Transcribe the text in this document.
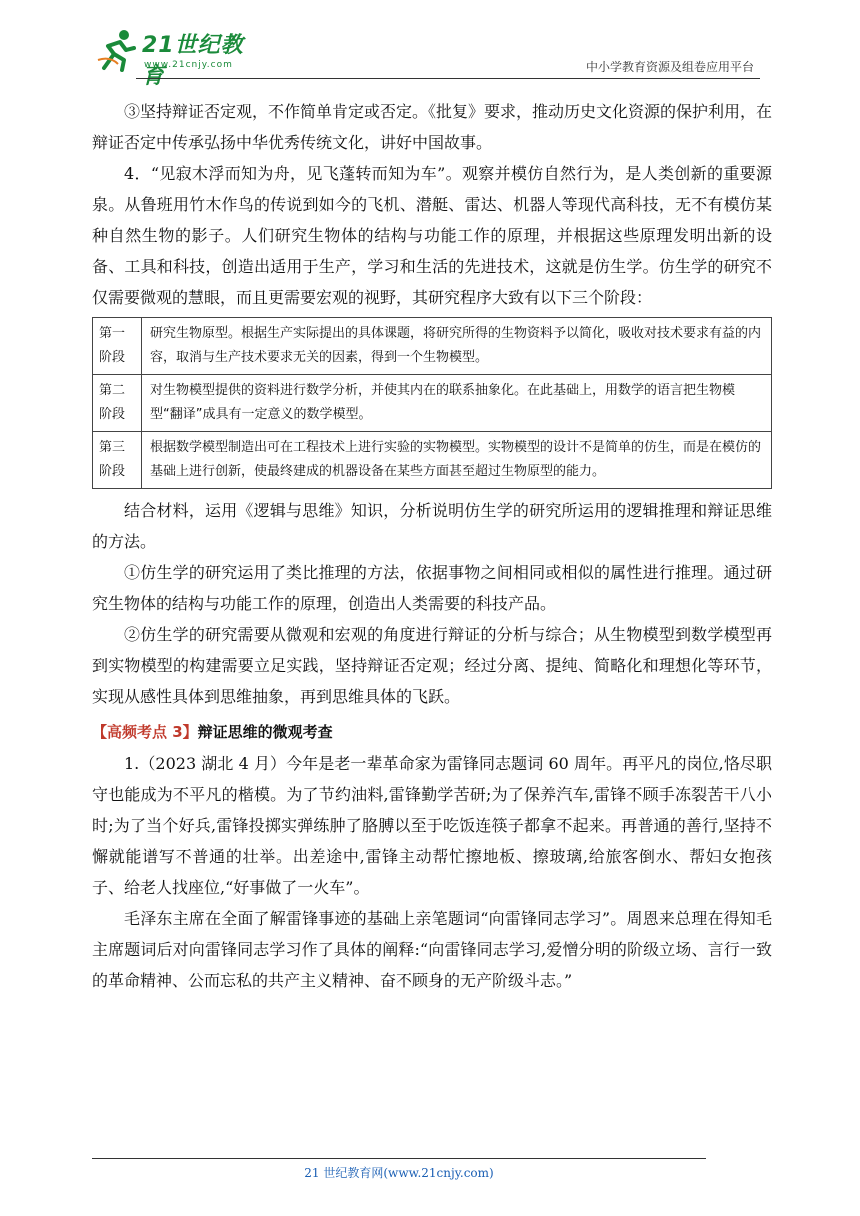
21世纪教育
www.21cnjy.com	中小学教育资源及组卷应用平台

③坚持辩证否定观，不作简单肯定或否定。《批复》要求，推动历史文化资源的保护利用，在辩证否定中传承弘扬中华优秀传统文化，讲好中国故事。

4．“见寂木浮而知为舟，见飞蓬转而知为车”。观察并模仿自然行为，是人类创新的重要源泉。从鲁班用竹木作鸟的传说到如今的飞机、潜艇、雷达、机器人等现代高科技，无不有模仿某种自然生物的影子。人们研究生物体的结构与功能工作的原理，并根据这些原理发明出新的设备、工具和科技，创造出适用于生产，学习和生活的先进技术，这就是仿生学。仿生学的研究不仅需要微观的慧眼，而且更需要宏观的视野，其研究程序大致有以下三个阶段：

第一阶段	研究生物原型。根据生产实际提出的具体课题，将研究所得的生物资料予以简化，吸收对技术要求有益的内容，取消与生产技术要求无关的因素，得到一个生物模型。
第二阶段	对生物模型提供的资料进行数学分析，并使其内在的联系抽象化。在此基础上，用数学的语言把生物模型“翻译”成具有一定意义的数学模型。
第三阶段	根据数学模型制造出可在工程技术上进行实验的实物模型。实物模型的设计不是简单的仿生，而是在模仿的基础上进行创新，使最终建成的机器设备在某些方面甚至超过生物原型的能力。

结合材料，运用《逻辑与思维》知识，分析说明仿生学的研究所运用的逻辑推理和辩证思维的方法。

①仿生学的研究运用了类比推理的方法，依据事物之间相同或相似的属性进行推理。通过研究生物体的结构与功能工作的原理，创造出人类需要的科技产品。

②仿生学的研究需要从微观和宏观的角度进行辩证的分析与综合；从生物模型到数学模型再到实物模型的构建需要立足实践，坚持辩证否定观；经过分离、提纯、简略化和理想化等环节，实现从感性具体到思维抽象，再到思维具体的飞跃。

【高频考点 3】辩证思维的微观考查

1.（2023 湖北 4 月）今年是老一辈革命家为雷锋同志题词 60 周年。再平凡的岗位,恪尽职守也能成为不平凡的楷模。为了节约油料,雷锋勤学苦研;为了保养汽车,雷锋不顾手冻裂苦干八小时;为了当个好兵,雷锋投掷实弹练肿了胳膊以至于吃饭连筷子都拿不起来。再普通的善行,坚持不懈就能谱写不普通的壮举。出差途中,雷锋主动帮忙擦地板、擦玻璃,给旅客倒水、帮妇女抱孩子、给老人找座位,“好事做了一火车”。

毛泽东主席在全面了解雷锋事迹的基础上亲笔题词“向雷锋同志学习”。周恩来总理在得知毛主席题词后对向雷锋同志学习作了具体的阐释:“向雷锋同志学习,爱憎分明的阶级立场、言行一致的革命精神、公而忘私的共产主义精神、奋不顾身的无产阶级斗志。”

21 世纪教育网(www.21cnjy.com)
